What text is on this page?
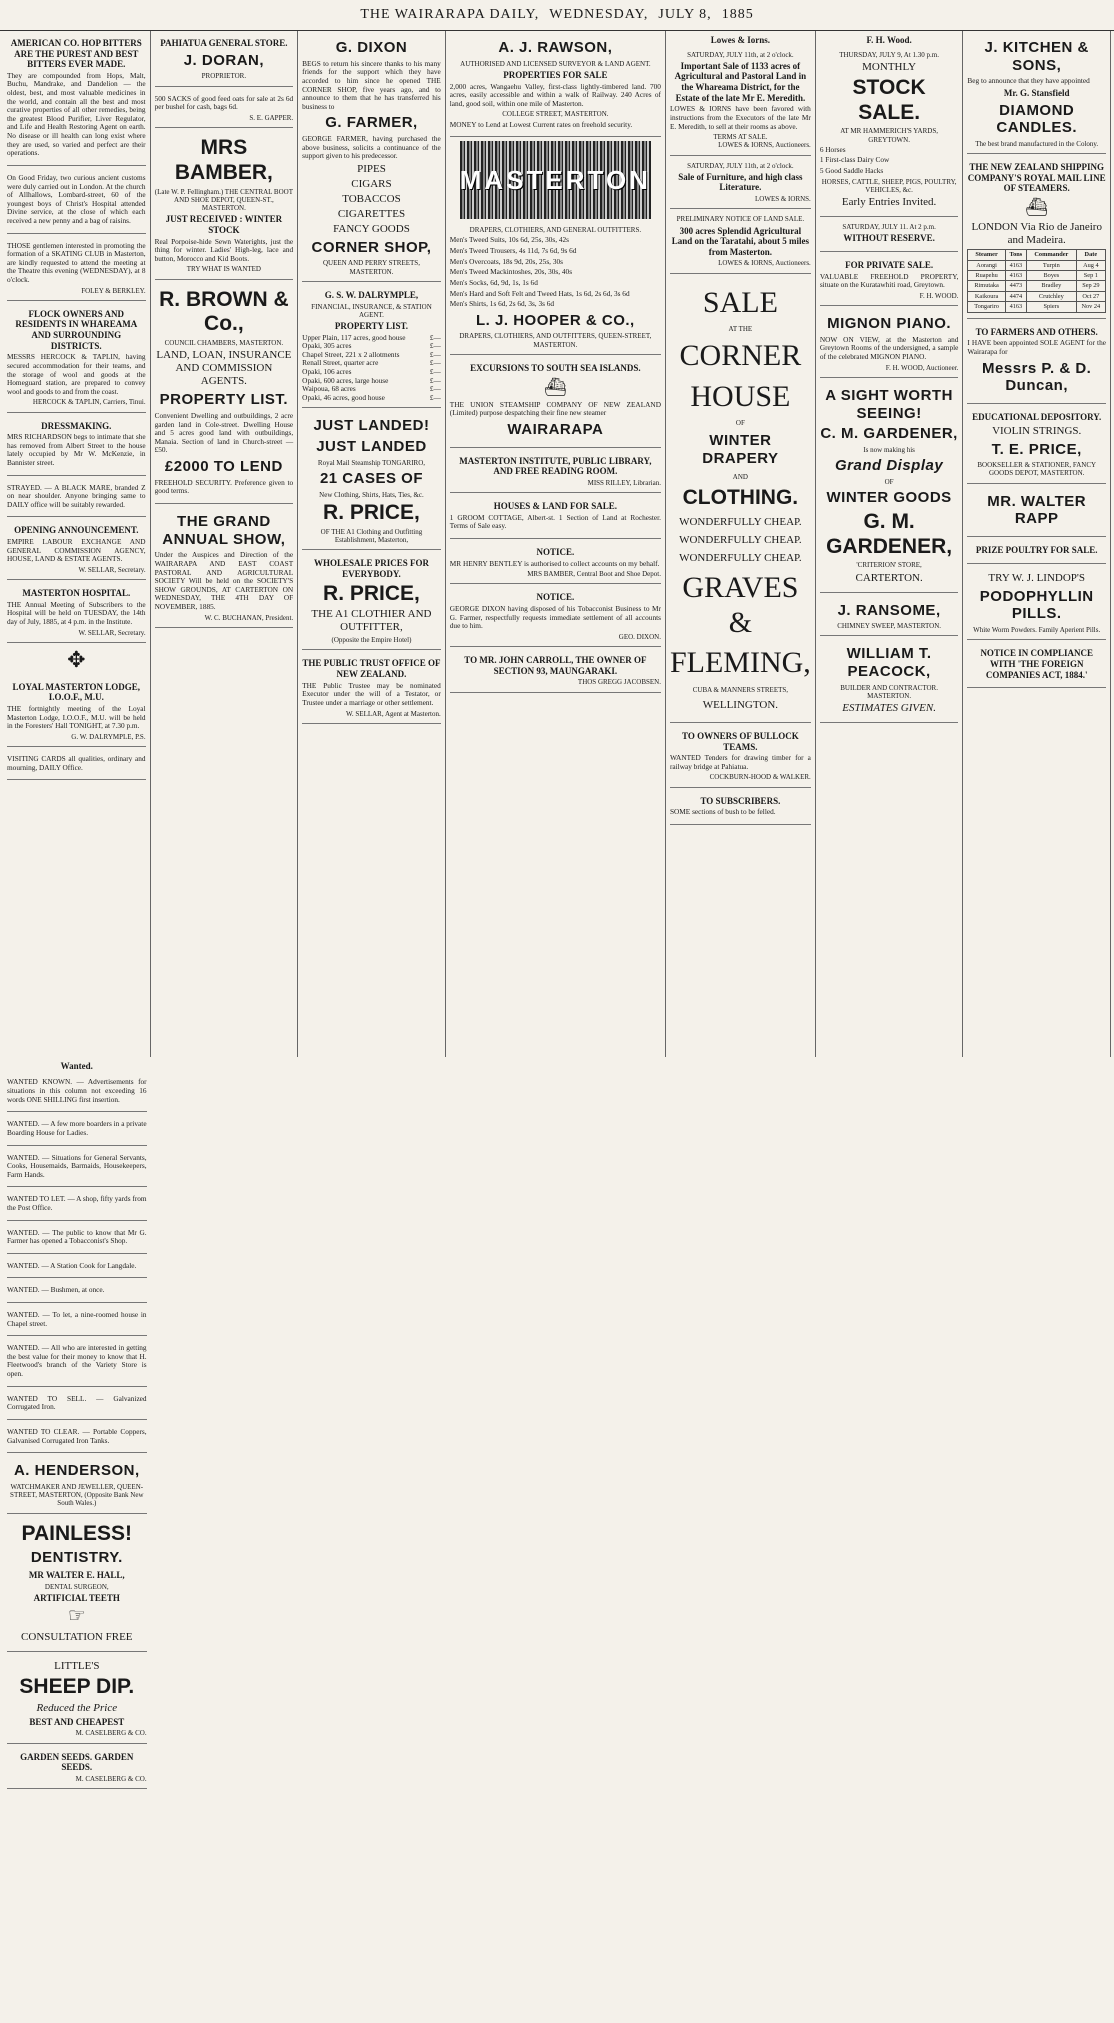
THE WAIRARAPA DAILY, WEDNESDAY, JULY 8, 1885
AMERICAN CO. HOP BITTERS ARE THE PUREST AND BEST BITTERS EVER MADE.

They are compounded from Hops, Malt, Buchu, Mandrake, and Dandelion — the oldest, best, and most valuable medicines in the world, and contain all the best and most curative properties of all other remedies, being the greatest Blood Purifier, Liver Regulator, and Life and Health Restoring Agent on earth. No disease or ill health can long exist where they are used, so varied and perfect are their operations.

On Good Friday, two curious ancient customs were duly carried out in London. At the church of Allhallows, Lombard-street, 60 of the youngest boys of Christ's Hospital attended Divine service, at the close of which each received a new penny and a bag of raisins.

THOSE gentlemen interested in promoting the formation of a SKATING CLUB in Masterton, are kindly requested to attend the meeting at the Theatre this evening (WEDNESDAY), at 8 o'clock.

FOLEY & BERKLEY.
FLOCK OWNERS AND RESIDENTS IN WHAREAMA AND SURROUNDING DISTRICTS.

MESSRS HERCOCK & TAPLIN, having secured accommodation for their teams, and the storage of wool and goods at the Homeguard station, are prepared to convey wool and goods to and from the coast.

HERCOCK & TAPLIN, Carriers, Tinui.
DRESSMAKING.

MRS RICHARDSON begs to intimate that she has removed from Albert Street to the house lately occupied by Mr W. McKenzie, in Bannister street.

STRAYED. — A BLACK MARE, branded Z on near shoulder. Anyone bringing same to DAILY office will be suitably rewarded.

OPENING ANNOUNCEMENT.

EMPIRE LABOUR EXCHANGE AND GENERAL COMMISSION AGENCY, HOUSE, LAND & ESTATE AGENTS.

W. SELLAR, Secretary.
MASTERTON HOSPITAL.

THE Annual Meeting of Subscribers to the Hospital will be held on TUESDAY, the 14th day of July, 1885, at 4 p.m. in the Institute.

W. SELLAR, Secretary.
✥
LOYAL MASTERTON LODGE, I.O.O.F., M.U.

THE fortnightly meeting of the Loyal Masterton Lodge, I.O.O.F., M.U. will be held in the Foresters' Hall TONIGHT, at 7.30 p.m.

G. W. DALRYMPLE, P.S.

VISITING CARDS all qualities, ordinary and mourning, DAILY Office.

PAHIATUA GENERAL STORE.
J. DORAN,
PROPRIETOR.

500 SACKS of good feed oats for sale at 2s 6d per bushel for cash, bags 6d.

S. E. GAPPER.
MRS BAMBER,
(Late W. P. Fellingham.) THE CENTRAL BOOT AND SHOE DEPOT, QUEEN-ST., MASTERTON.
JUST RECEIVED : WINTER STOCK

Real Porpoise-hide Sewn Waterights, just the thing for winter. Ladies' High-leg, lace and button, Morocco and Kid Boots.

TRY WHAT IS WANTED
R. BROWN & Co.,
COUNCIL CHAMBERS, MASTERTON.
LAND, LOAN, INSURANCE AND COMMISSION AGENTS.
PROPERTY LIST.

Convenient Dwelling and outbuildings, 2 acre garden land in Cole-street. Dwelling House and 5 acres good land with outbuildings, Manaia. Section of land in Church-street — £50.

£2000 TO LEND

FREEHOLD SECURITY. Preference given to good terms.

THE GRAND ANNUAL SHOW,

Under the Auspices and Direction of the WAIRARAPA AND EAST COAST PASTORAL AND AGRICULTURAL SOCIETY Will be held on the SOCIETY'S SHOW GROUNDS, AT CARTERTON ON WEDNESDAY, THE 4TH DAY OF NOVEMBER, 1885.

W. C. BUCHANAN, President.
G. DIXON

BEGS to return his sincere thanks to his many friends for the support which they have accorded to him since he opened THE CORNER SHOP, five years ago, and to announce to them that he has transferred his business to

G. FARMER,

GEORGE FARMER, having purchased the above business, solicits a continuance of the support given to his predecessor.

PIPES
CIGARS
TOBACCOS
CIGARETTES
FANCY GOODS
CORNER SHOP,
QUEEN AND PERRY STREETS, MASTERTON.
G. S. W. DALRYMPLE,
FINANCIAL, INSURANCE, & STATION AGENT.
PROPERTY LIST.
Upper Plain, 117 acres, good house	£—
Opaki, 305 acres	£—
Chapel Street, 221 x 2 allotments	£—
Renall Street, quarter acre	£—
Opaki, 106 acres	£—
Opaki, 600 acres, large house	£—
Waipoua, 68 acres	£—
Opaki, 46 acres, good house	£—
JUST LANDED!
JUST LANDED
Royal Mail Steamship TONGARIRO,
21 CASES OF
New Clothing, Shirts, Hats, Ties, &c.
R. PRICE,
OF THE A1 Clothing and Outfitting Establishment, Masterton,
WHOLESALE PRICES FOR EVERYBODY.
R. PRICE,
THE A1 CLOTHIER AND OUTFITTER,
(Opposite the Empire Hotel)
THE PUBLIC TRUST OFFICE OF NEW ZEALAND.

THE Public Trustee may be nominated Executor under the will of a Testator, or Trustee under a marriage or other settlement.

W. SELLAR, Agent at Masterton.
A. J. RAWSON,
AUTHORISED AND LICENSED SURVEYOR & LAND AGENT.
PROPERTIES FOR SALE

2,000 acres, Wangaehu Valley, first-class lightly-timbered land. 700 acres, easily accessible and within a walk of Railway. 240 Acres of land, good soil, within one mile of Masterton.

COLLEGE STREET, MASTERTON.

MONEY to Lend at Lowest Current rates on freehold security.

MASTERTON
DRAPERS, CLOTHIERS, AND GENERAL OUTFITTERS.

Men's Tweed Suits, 10s 6d, 25s, 30s, 42s

Men's Tweed Trousers, 4s 11d, 7s 6d, 9s 6d

Men's Overcoats, 18s 9d, 20s, 25s, 30s

Men's Tweed Mackintoshes, 20s, 30s, 40s

Men's Socks, 6d, 9d, 1s, 1s 6d

Men's Hard and Soft Felt and Tweed Hats, 1s 6d, 2s 6d, 3s 6d

Men's Shirts, 1s 6d, 2s 6d, 3s, 3s 6d

L. J. HOOPER & CO.,
DRAPERS, CLOTHIERS, AND OUTFITTERS, QUEEN-STREET, MASTERTON.
EXCURSIONS TO SOUTH SEA ISLANDS.
⛴

THE UNION STEAMSHIP COMPANY OF NEW ZEALAND (Limited) purpose despatching their fine new steamer

WAIRARAPA
MASTERTON INSTITUTE, PUBLIC LIBRARY, AND FREE READING ROOM.
MISS RILLEY, Librarian.
HOUSES & LAND FOR SALE.

1 GROOM COTTAGE, Albert-st. 1 Section of Land at Rochester. Terms of Sale easy.

NOTICE.

MR HENRY BENTLEY is authorised to collect accounts on my behalf.

MRS BAMBER, Central Boot and Shoe Depot.
NOTICE.

GEORGE DIXON having disposed of his Tobacconist Business to Mr G. Farmer, respectfully requests immediate settlement of all accounts due to him.

GEO. DIXON.
TO MR. JOHN CARROLL, THE OWNER OF SECTION 93, MAUNGARAKI.
THOS GREGG JACOBSEN.
Lowes & Iorns.
SATURDAY, JULY 11th, at 2 o'clock.
Important Sale of 1133 acres of Agricultural and Pastoral Land in the Whareama District, for the Estate of the late Mr E. Meredith.

LOWES & IORNS have been favored with instructions from the Executors of the late Mr E. Meredith, to sell at their rooms as above.

TERMS AT SALE.
LOWES & IORNS, Auctioneers.
SATURDAY, JULY 11th, at 2 o'clock.
Sale of Furniture, and high class Literature.
LOWES & IORNS.
PRELIMINARY NOTICE OF LAND SALE.
300 acres Splendid Agricultural Land on the Taratahi, about 5 miles from Masterton.
LOWES & IORNS, Auctioneers.
SALE
AT THE
CORNER
HOUSE
OF
WINTER DRAPERY
AND
CLOTHING.
WONDERFULLY CHEAP.
WONDERFULLY CHEAP.
WONDERFULLY CHEAP.
GRAVES &
FLEMING,
CUBA & MANNERS STREETS,
WELLINGTON.
TO OWNERS OF BULLOCK TEAMS.

WANTED Tenders for drawing timber for a railway bridge at Pahiatua.

COCKBURN-HOOD & WALKER.
TO SUBSCRIBERS.

SOME sections of bush to be felled.

F. H. Wood.
THURSDAY, JULY 9, At 1.30 p.m.
MONTHLY
STOCK SALE.
AT MR HAMMERICH'S YARDS, GREYTOWN.

6 Horses

1 First-class Dairy Cow

5 Good Saddle Hacks

HORSES, CATTLE, SHEEP, PIGS, POULTRY, VEHICLES, &c.
Early Entries Invited.
SATURDAY, JULY 11. At 2 p.m.
WITHOUT RESERVE.
FOR PRIVATE SALE.

VALUABLE FREEHOLD PROPERTY, situate on the Kuratawhiti road, Greytown.

F. H. WOOD.
MIGNON PIANO.

NOW ON VIEW, at the Masterton and Greytown Rooms of the undersigned, a sample of the celebrated MIGNON PIANO.

F. H. WOOD, Auctioneer.
A SIGHT WORTH SEEING!
C. M. GARDENER,
Is now making his
Grand Display
OF
WINTER GOODS
G. M. GARDENER,
'CRITERION' STORE,
CARTERTON.
J. RANSOME,
CHIMNEY SWEEP, MASTERTON.
WILLIAM T. PEACOCK,
BUILDER AND CONTRACTOR. MASTERTON.
ESTIMATES GIVEN.
J. KITCHEN & SONS,

Beg to announce that they have appointed

Mr. G. Stansfield
DIAMOND CANDLES.
The best brand manufactured in the Colony.
THE NEW ZEALAND SHIPPING COMPANY'S ROYAL MAIL LINE OF STEAMERS.
⛴
LONDON Via Rio de Janeiro and Madeira.
Steamer	Tons	Commander	Date
Aorangi	4163	Turpin	Aug 4
Ruapehu	4163	Boyes	Sep 1
Rimutaka	4473	Bradley	Sep 29
Kaikoura	4474	Crutchley	Oct 27
Tongariro	4163	Spiers	Nov 24
TO FARMERS AND OTHERS.

I HAVE been appointed SOLE AGENT for the Wairarapa for

Messrs P. & D. Duncan,
EDUCATIONAL DEPOSITORY.
VIOLIN STRINGS.
T. E. PRICE,
BOOKSELLER & STATIONER, FANCY GOODS DEPOT, MASTERTON.
MR. WALTER RAPP
PRIZE POULTRY FOR SALE.
TRY W. J. LINDOP'S
PODOPHYLLIN PILLS.
White Worm Powders. Family Aperient Pills.
NOTICE IN COMPLIANCE WITH 'THE FOREIGN COMPANIES ACT, 1884.'
Wanted.

WANTED KNOWN. — Advertisements for situations in this column not exceeding 16 words ONE SHILLING first insertion.

WANTED. — A few more boarders in a private Boarding House for Ladies.

WANTED. — Situations for General Servants, Cooks, Housemaids, Barmaids, Housekeepers, Farm Hands.

WANTED TO LET. — A shop, fifty yards from the Post Office.

WANTED. — The public to know that Mr G. Farmer has opened a Tobacconist's Shop.

WANTED. — A Station Cook for Langdale.

WANTED. — Bushmen, at once.

WANTED. — To let, a nine-roomed house in Chapel street.

WANTED. — All who are interested in getting the best value for their money to know that H. Fleetwood's branch of the Variety Store is open.

WANTED TO SELL. — Galvanized Corrugated Iron.

WANTED TO CLEAR. — Portable Coppers, Galvanised Corrugated Iron Tanks.

A. HENDERSON,
WATCHMAKER AND JEWELLER, QUEEN-STREET, MASTERTON, (Opposite Bank New South Wales.)
PAINLESS!
DENTISTRY.
MR WALTER E. HALL,
DENTAL SURGEON,
ARTIFICIAL TEETH
☞
CONSULTATION FREE
LITTLE'S
SHEEP DIP.
Reduced the Price
BEST AND CHEAPEST
M. CASELBERG & CO.
GARDEN SEEDS. GARDEN SEEDS.
M. CASELBERG & CO.
